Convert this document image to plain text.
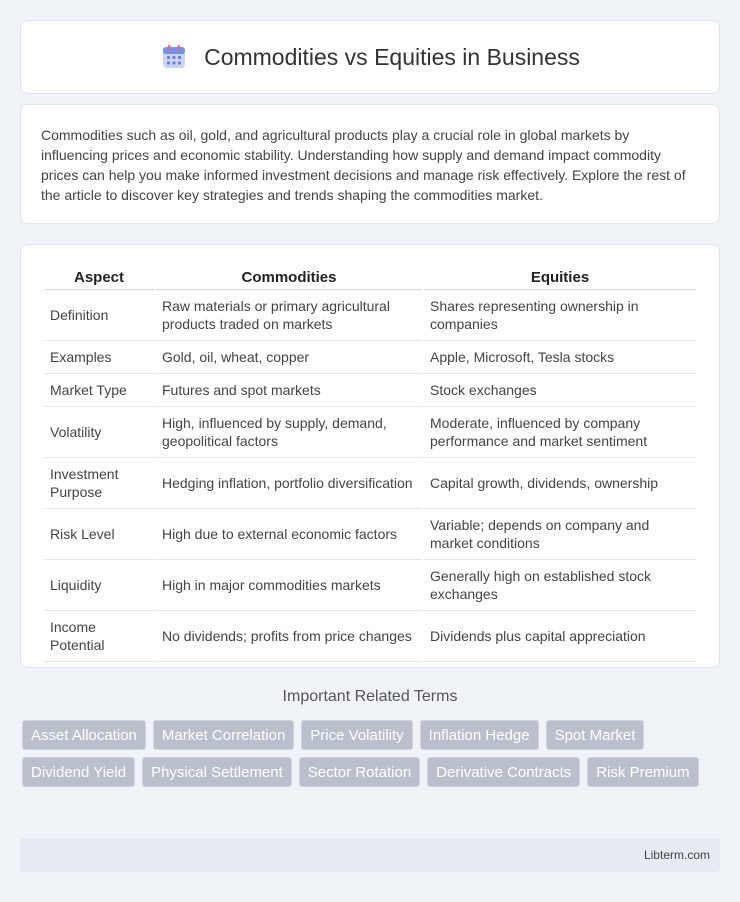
Commodities vs Equities in Business

Commodities such as oil, gold, and agricultural products play a crucial role in global markets by influencing prices and economic stability. Understanding how supply and demand impact commodity prices can help you make informed investment decisions and manage risk effectively. Explore the rest of the article to discover key strategies and trends shaping the commodities market.

Aspect	Commodities	Equities
Definition	Raw materials or primary agricultural products traded on markets	Shares representing ownership in companies
Examples	Gold, oil, wheat, copper	Apple, Microsoft, Tesla stocks
Market Type	Futures and spot markets	Stock exchanges
Volatility	High, influenced by supply, demand, geopolitical factors	Moderate, influenced by company performance and market sentiment
Investment Purpose	Hedging inflation, portfolio diversification	Capital growth, dividends, ownership
Risk Level	High due to external economic factors	Variable; depends on company and market conditions
Liquidity	High in major commodities markets	Generally high on established stock exchanges
Income Potential	No dividends; profits from price changes	Dividends plus capital appreciation
Important Related Terms
Asset Allocation	Market Correlation	Price Volatility	Inflation Hedge	Spot Market
Dividend Yield	Physical Settlement	Sector Rotation	Derivative Contracts	Risk Premium
Libterm.com
